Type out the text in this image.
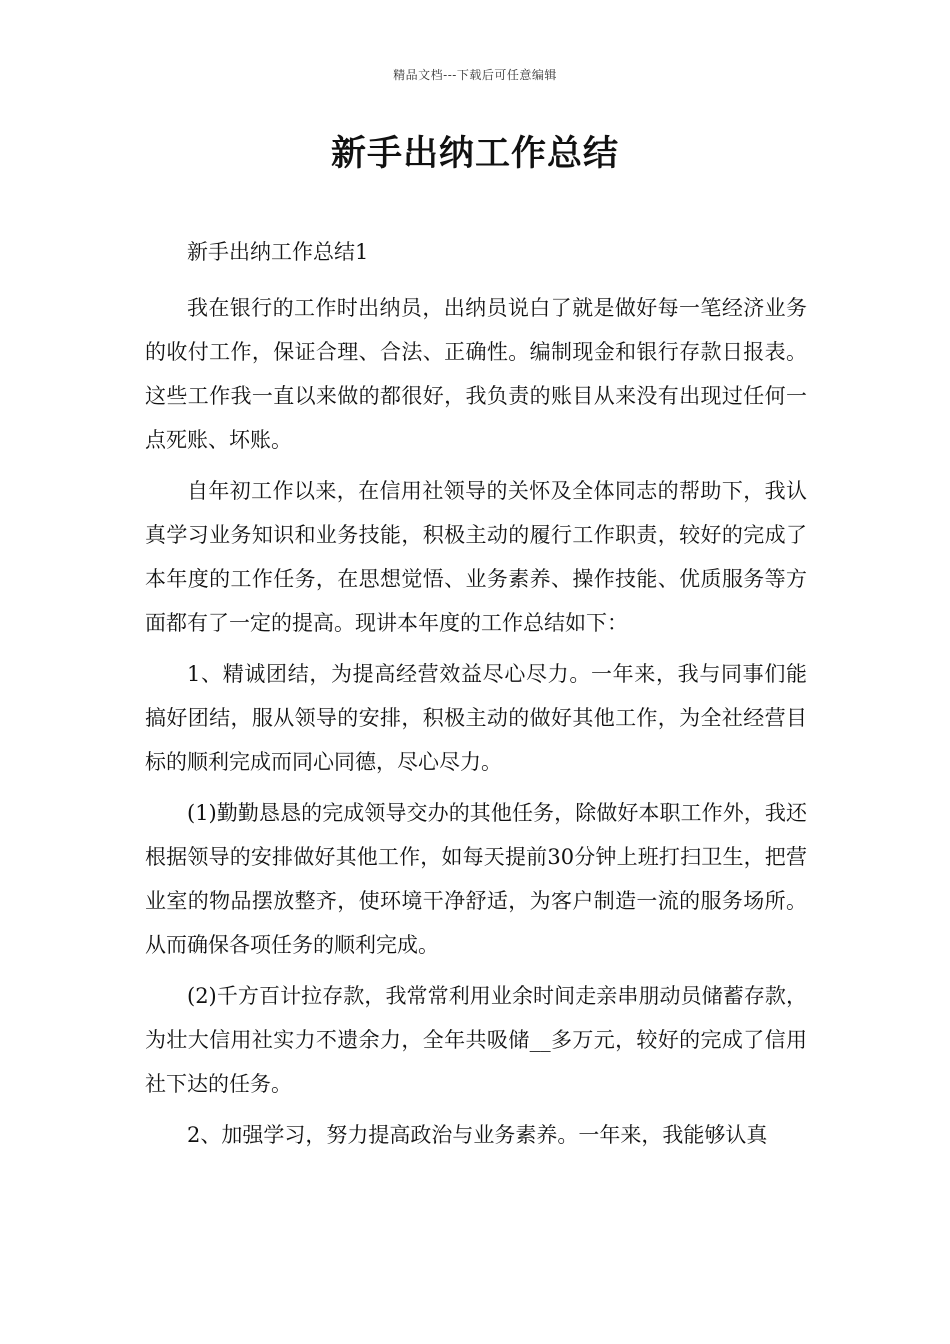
精品文档---下载后可任意编辑
新手出纳工作总结

新手出纳工作总结1

我在银行的工作时出纳员，出纳员说白了就是做好每一笔经济业务的收付工作，保证合理、合法、正确性。编制现金和银行存款日报表。这些工作我一直以来做的都很好，我负责的账目从来没有出现过任何一点死账、坏账。

自年初工作以来，在信用社领导的关怀及全体同志的帮助下，我认真学习业务知识和业务技能，积极主动的履行工作职责，较好的完成了本年度的工作任务，在思想觉悟、业务素养、操作技能、优质服务等方面都有了一定的提高。现讲本年度的工作总结如下：

1、精诚团结，为提高经营效益尽心尽力。一年来，我与同事们能搞好团结，服从领导的安排，积极主动的做好其他工作，为全社经营目标的顺利完成而同心同德，尽心尽力。

(1)勤勤恳恳的完成领导交办的其他任务，除做好本职工作外，我还根据领导的安排做好其他工作，如每天提前30分钟上班打扫卫生，把营业室的物品摆放整齐，使环境干净舒适，为客户制造一流的服务场所。从而确保各项任务的顺利完成。

(2)千方百计拉存款，我常常利用业余时间走亲串朋动员储蓄存款，为壮大信用社实力不遗余力，全年共吸储__多万元，较好的完成了信用社下达的任务。

2、加强学习，努力提高政治与业务素养。一年来，我能够认真
